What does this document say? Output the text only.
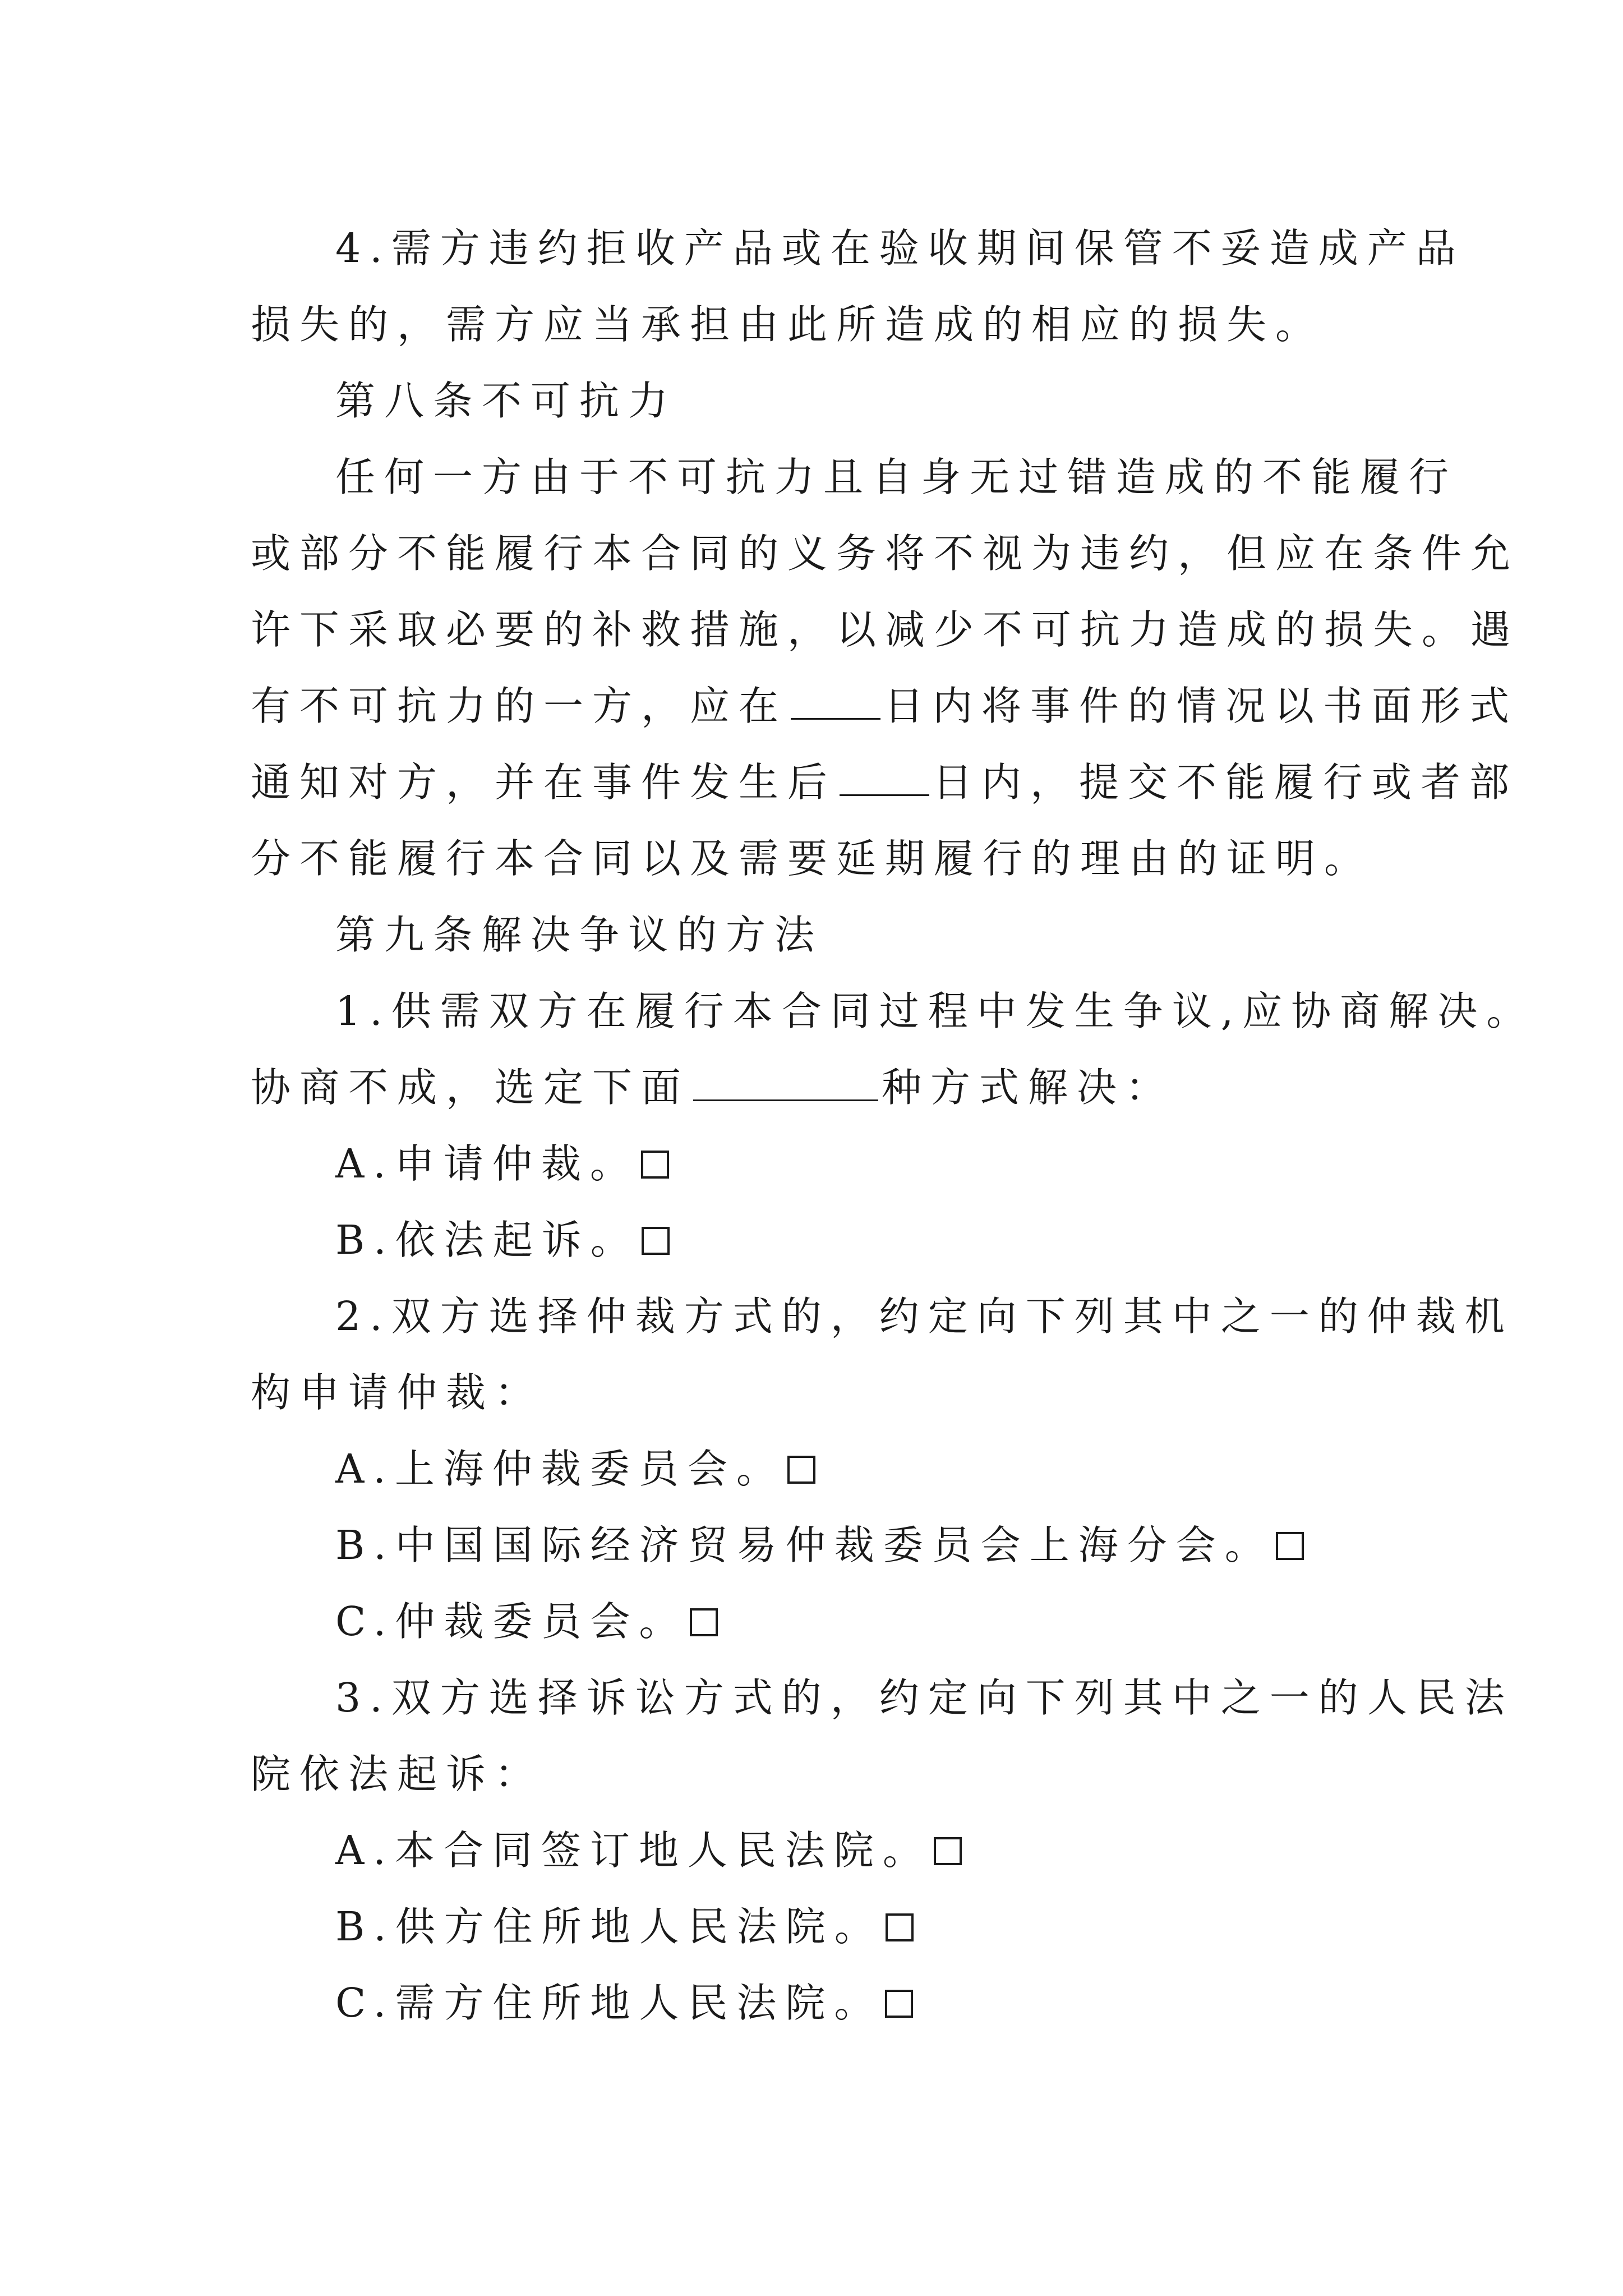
4.需方违约拒收产品或在验收期间保管不妥造成产品
损失的，需方应当承担由此所造成的相应的损失。
第八条不可抗力
任何一方由于不可抗力且自身无过错造成的不能履行
或部分不能履行本合同的义务将不视为违约，但应在条件允
许下采取必要的补救措施，以减少不可抗力造成的损失。遇
有不可抗力的一方，应在 日内将事件的情况以书面形式
通知对方，并在事件发生后 日内，提交不能履行或者部
分不能履行本合同以及需要延期履行的理由的证明。
第九条解决争议的方法
1.供需双方在履行本合同过程中发生争议,应协商解决。
协商不成，选定下面	种方式解决：
A.申请仲裁。
B.依法起诉。
2.双方选择仲裁方式的，约定向下列其中之一的仲裁机
构申请仲裁：
A.上海仲裁委员会。
B.中国国际经济贸易仲裁委员会上海分会。
C.仲裁委员会。
3.双方选择诉讼方式的，约定向下列其中之一的人民法
院依法起诉：
A.本合同签订地人民法院。
B.供方住所地人民法院。
C.需方住所地人民法院。
